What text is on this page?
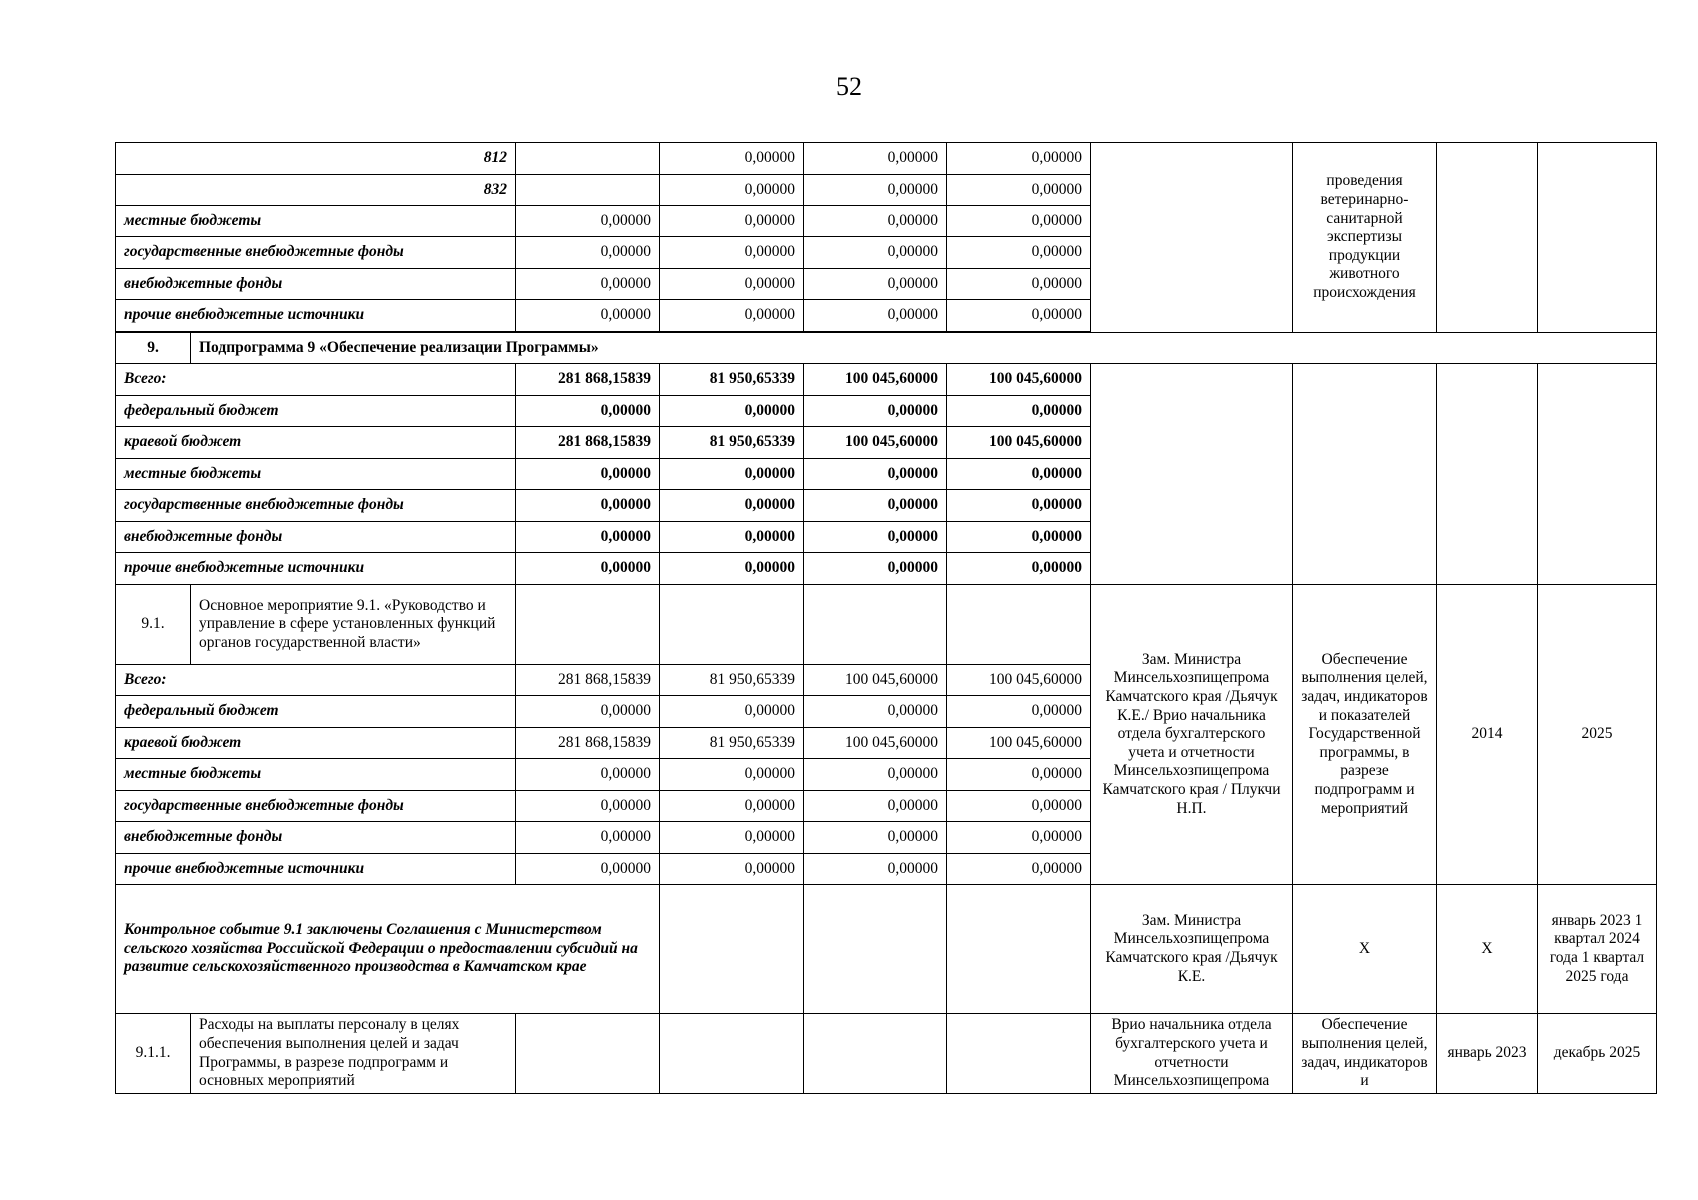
52
812			0,00000	0,00000	0,00000		проведения ветеринарно-санитарной экспертизы продукции животного происхождения		
832			0,00000	0,00000	0,00000				
местные бюджеты		0,00000	0,00000	0,00000	0,00000				
государственные внебюджетные фонды		0,00000	0,00000	0,00000	0,00000				
внебюджетные фонды		0,00000	0,00000	0,00000	0,00000				
прочие внебюджетные источники		0,00000	0,00000	0,00000	0,00000				

9.	Подпрограмма 9 «Обеспечение реализации Программы»								
Всего:		281 868,15839	81 950,65339	100 045,60000	100 045,60000				
федеральный бюджет		0,00000	0,00000	0,00000	0,00000				
краевой бюджет		281 868,15839	81 950,65339	100 045,60000	100 045,60000				
местные бюджеты		0,00000	0,00000	0,00000	0,00000				
государственные внебюджетные фонды		0,00000	0,00000	0,00000	0,00000				
внебюджетные фонды		0,00000	0,00000	0,00000	0,00000				
прочие внебюджетные источники		0,00000	0,00000	0,00000	0,00000				
9.1.	Основное мероприятие 9.1. «Руководство и управление в сфере установленных функций органов государственной власти»					Зам. Министра Минсельхозпищепрома Камчатского края /Дьячук К.Е./ Врио начальника отдела бухгалтерского учета и отчетности Минсельхозпищепрома Камчатского края / Плукчи Н.П.	Обеспечение выполнения целей, задач, индикаторов и показателей Государственной программы, в разрезе подпрограмм и мероприятий	2014	2025
Всего:		281 868,15839	81 950,65339	100 045,60000	100 045,60000				
федеральный бюджет		0,00000	0,00000	0,00000	0,00000				
краевой бюджет		281 868,15839	81 950,65339	100 045,60000	100 045,60000				
местные бюджеты		0,00000	0,00000	0,00000	0,00000				
государственные внебюджетные фонды		0,00000	0,00000	0,00000	0,00000				
внебюджетные фонды		0,00000	0,00000	0,00000	0,00000				
прочие внебюджетные источники		0,00000	0,00000	0,00000	0,00000				
Контрольное событие 9.1 заключены Соглашения с Министерством сельского хозяйства Российской Федерации о предоставлении субсидий на развитие сельскохозяйственного производства в Камчатском крае						Зам. Министра Минсельхозпищепрома Камчатского края /Дьячук К.Е.	Х	Х	январь 2023 1 квартал 2024 года 1 квартал 2025 года
9.1.1.	Расходы на выплаты персоналу в целях обеспечения выполнения целей и задач Программы, в разрезе подпрограмм и основных мероприятий					Врио начальника отдела бухгалтерского учета и отчетности Минсельхозпищепрома	Обеспечение выполнения целей, задач, индикаторов и	январь 2023	декабрь 2025
